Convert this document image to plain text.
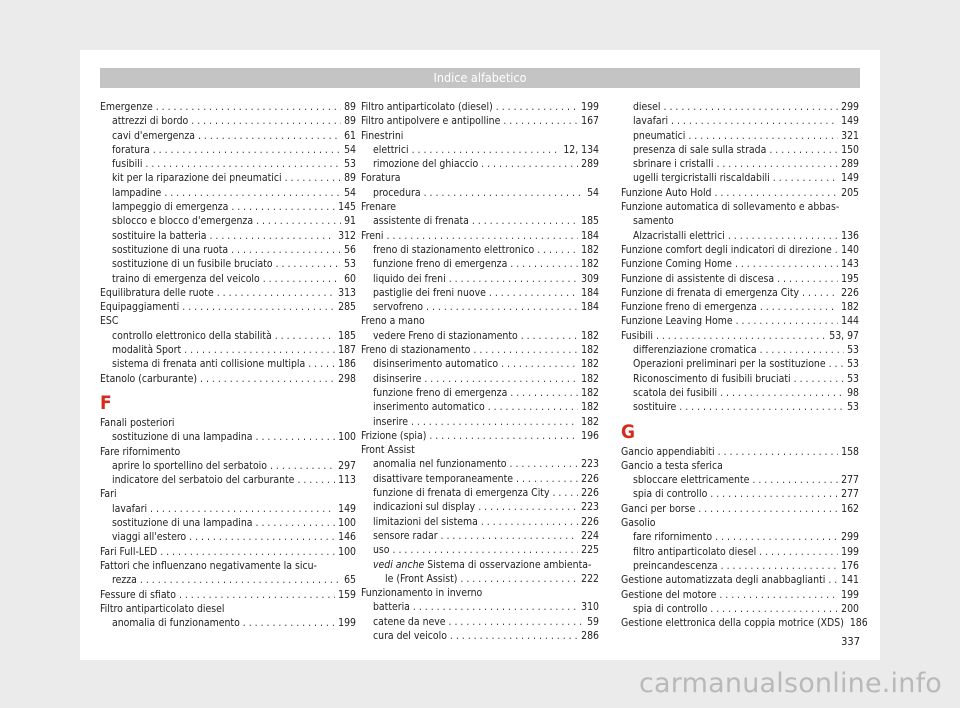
Indice alfabetico
Emergenze . . .	89
attrezzi di bordo . . .	89
cavi d'emergenza . . .	61
foratura . . .	54
fusibili . . .	53
kit per la riparazione dei pneumatici . . .	89
lampadine . . .	54
lampeggio di emergenza . . .	145
sblocco e blocco d'emergenza . . .	91
sostituire la batteria . . .	312
sostituzione di una ruota . . .	56
sostituzione di un fusibile bruciato . . .	53
traino di emergenza del veicolo . . .	60
Equilibratura delle ruote . . .	313
Equipaggiamenti . . .	285
ESC
controllo elettronico della stabilità . . .	185
modalità Sport . . .	187
sistema di frenata anti collisione multipla . . .	186
Etanolo (carburante) . . .	298
F
Fanali posteriori
sostituzione di una lampadina . . .	100
Fare rifornimento
aprire lo sportellino del serbatoio . . .	297
indicatore del serbatoio del carburante . . .	113
Fari
lavafari . . .	149
sostituzione di una lampadina . . .	100
viaggi all'estero . . .	146
Fari Full-LED . . .	100
Fattori che influenzano negativamente la sicu-
rezza . . .	65
Fessure di sfiato . . .	159
Filtro antiparticolato diesel
anomalia di funzionamento . . .	199
Filtro antiparticolato (diesel) . . .	199
Filtro antipolvere e antipolline . . .	167
Finestrini
elettrici . . .	12, 134
rimozione del ghiaccio . . .	289
Foratura
procedura . . .	54
Frenare
assistente di frenata . . .	185
Freni . . .	184
freno di stazionamento elettronico . . .	182
funzione freno di emergenza . . .	182
liquido dei freni . . .	309
pastiglie dei freni nuove . . .	184
servofreno . . .	184
Freno a mano
vedere Freno di stazionamento . . .	182
Freno di stazionamento . . .	182
disinserimento automatico . . .	182
disinserire . . .	182
funzione freno di emergenza . . .	182
inserimento automatico . . .	182
inserire . . .	182
Frizione (spia) . . .	196
Front Assist
anomalia nel funzionamento . . .	223
disattivare temporaneamente . . .	226
funzione di frenata di emergenza City . . .	226
indicazioni sul display . . .	223
limitazioni del sistema . . .	226
sensore radar . . .	224
uso . . .	225
vedi anche Sistema di osservazione ambienta-
le (Front Assist) . . .	222
Funzionamento in inverno
batteria . . .	310
catene da neve . . .	59
cura del veicolo . . .	286
diesel . . .	299
lavafari . . .	149
pneumatici . . .	321
presenza di sale sulla strada . . .	150
sbrinare i cristalli . . .	289
ugelli tergicristalli riscaldabili . . .	149
Funzione Auto Hold . . .	205
Funzione automatica di sollevamento e abbas-
samento
Alzacristalli elettrici . . .	136
Funzione comfort degli indicatori di direzione . . . 140
Funzione Coming Home . . .	143
Funzione di assistente di discesa . . .	195
Funzione di frenata di emergenza City . . .	226
Funzione freno di emergenza . . .	182
Funzione Leaving Home . . .	144
Fusibili . . .	53, 97
differenziazione cromatica . . .	53
Operazioni preliminari per la sostituzione . . . 53
Riconoscimento di fusibili bruciati . . .	53
scatola dei fusibili . . .	98
sostituire . . .	53
G
Gancio appendiabiti . . .	158
Gancio a testa sferica
sbloccare elettricamente . . .	277
spia di controllo . . .	277
Ganci per borse . . .	162
Gasolio
fare rifornimento . . .	299
filtro antiparticolato diesel . . .	199
preincandescenza . . .	176
Gestione automatizzata degli anabbaglianti . . . 141
Gestione del motore . . .	199
spia di controllo . . .	200
Gestione elettronica della coppia motrice (XDS) 186
337
carmanualsonline.info
